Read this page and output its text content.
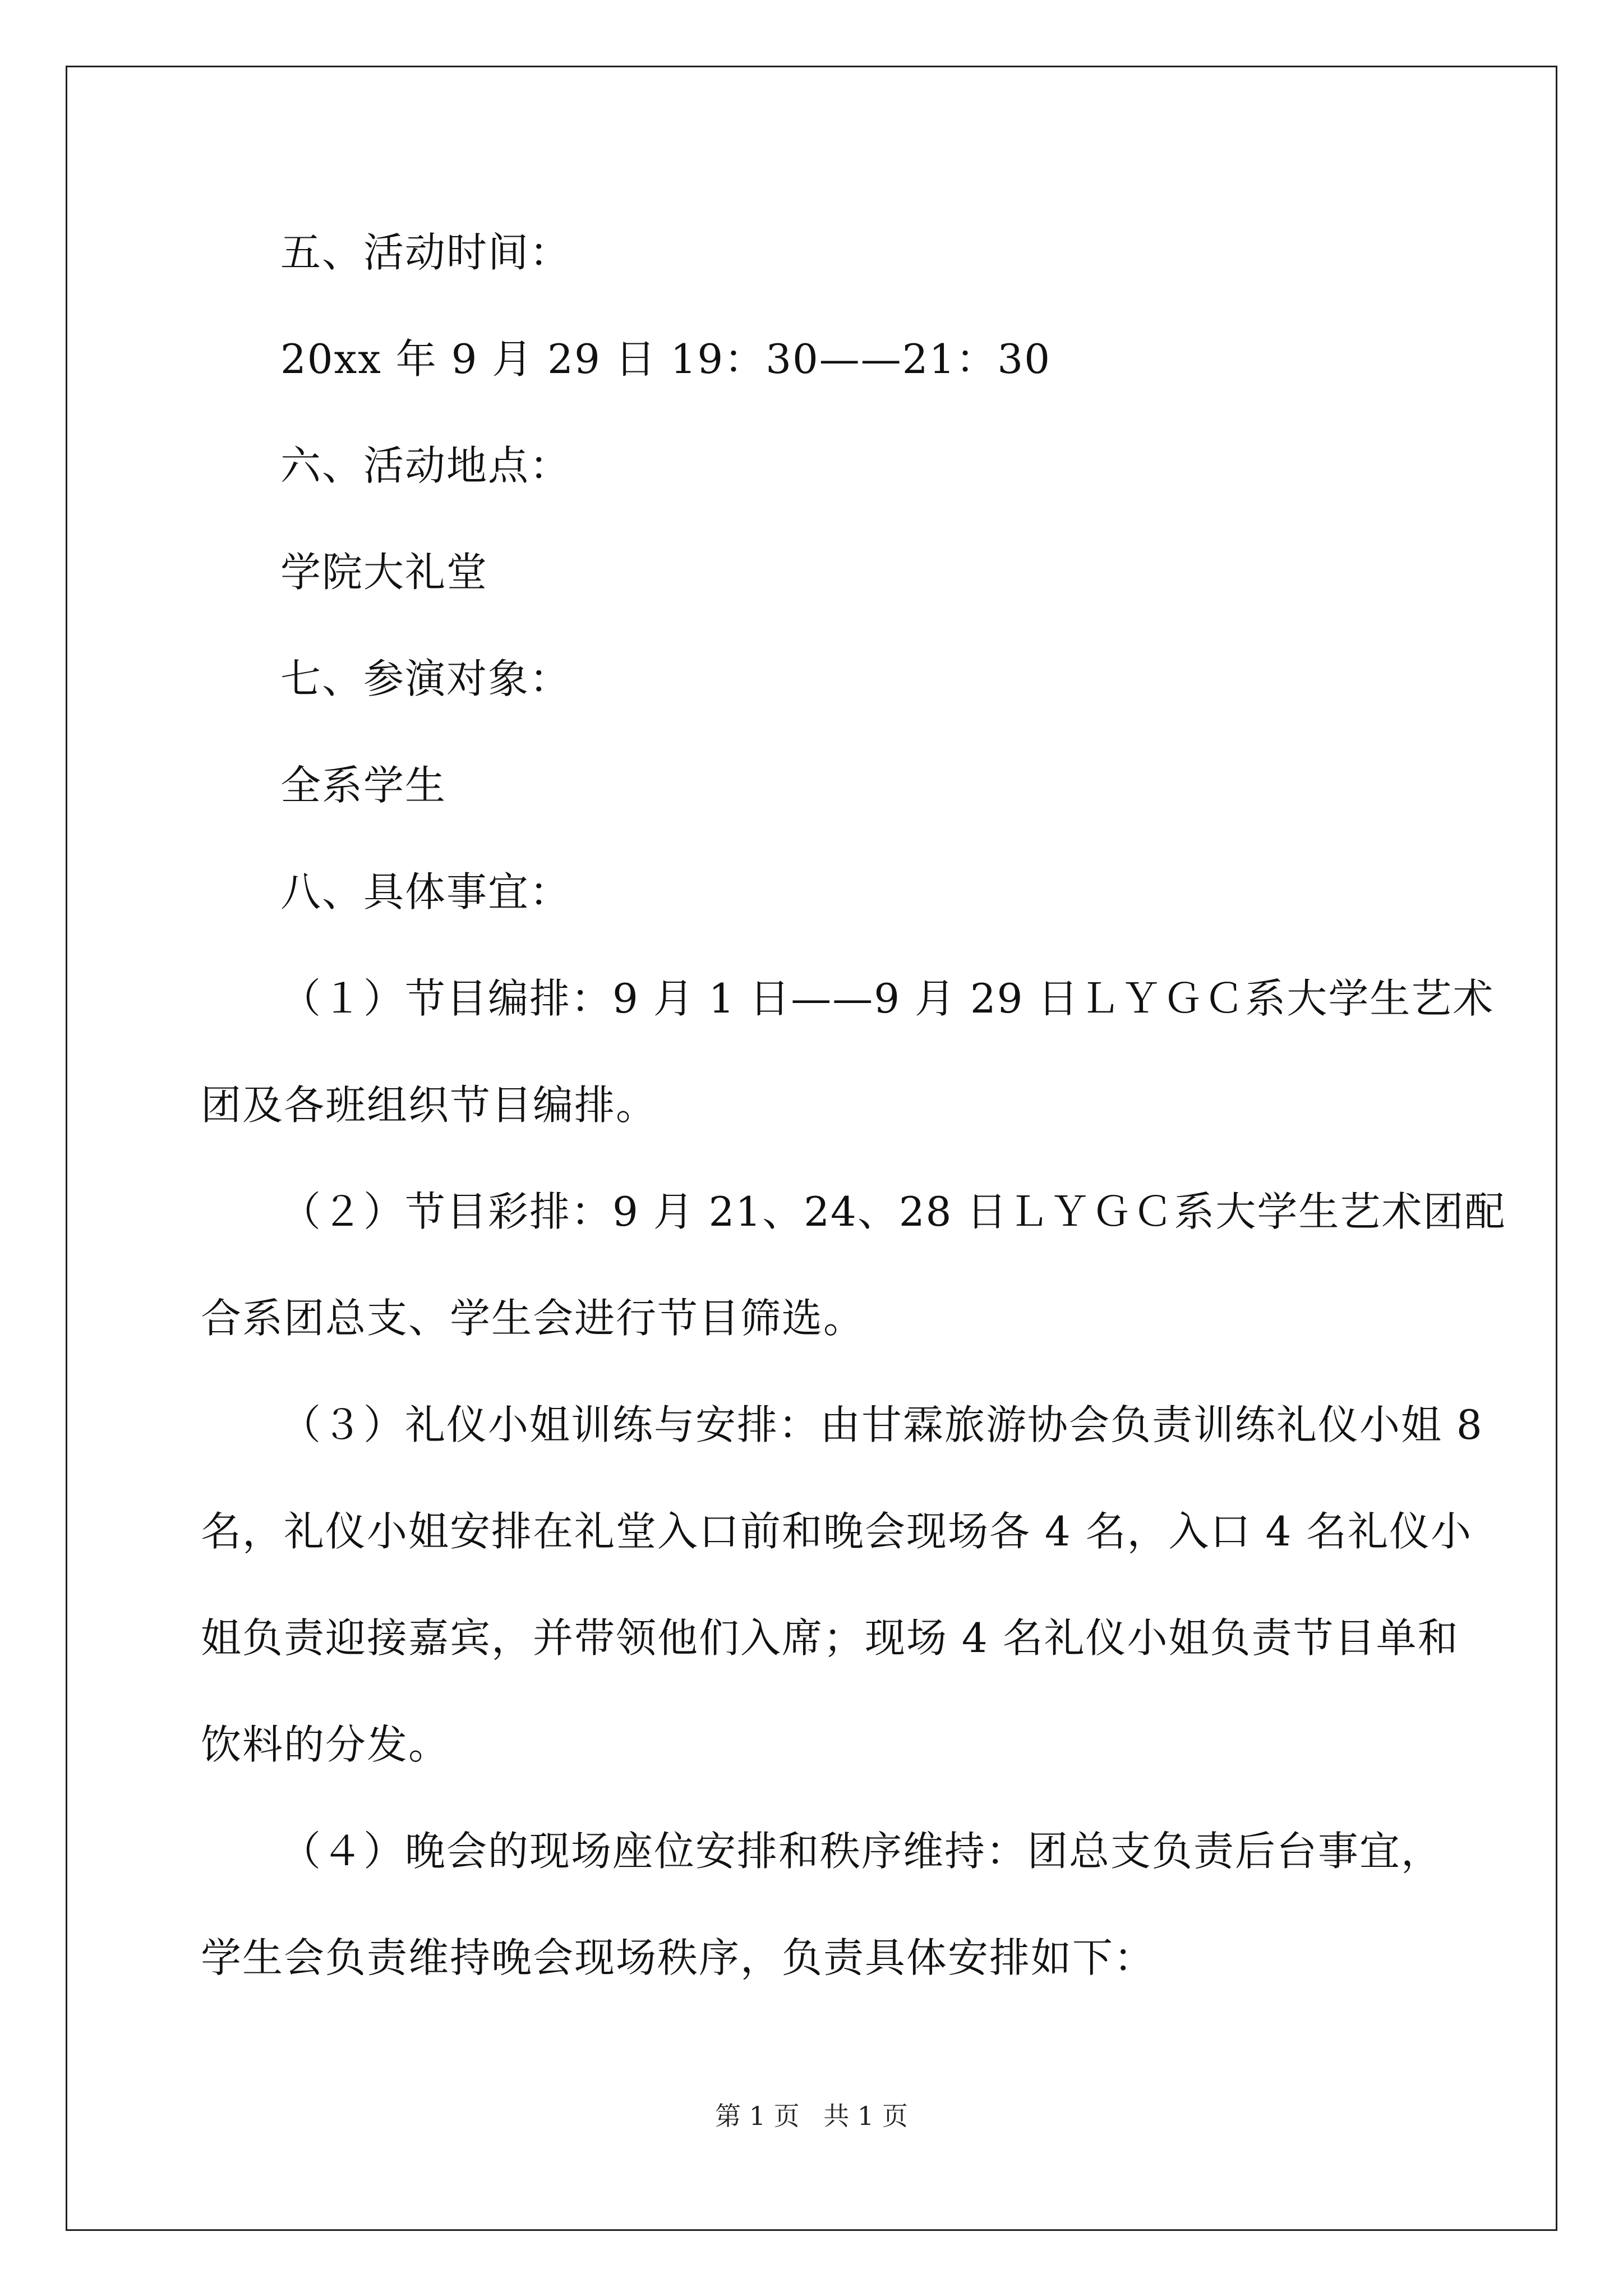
五、活动时间：
20xx 年 9 月 29 日 19：30——21：30
六、活动地点：
学院大礼堂
七、参演对象：
全系学生
八、具体事宜：
（１）节目编排：9 月 1 日——9 月 29 日ＬＹＧＣ系大学生艺术
团及各班组织节目编排。
（２）节目彩排：9 月 21、24、28 日ＬＹＧＣ系大学生艺术团配
合系团总支、学生会进行节目筛选。
（３）礼仪小姐训练与安排：由甘霖旅游协会负责训练礼仪小姐 8
名，礼仪小姐安排在礼堂入口前和晚会现场各 4 名，入口 4 名礼仪小
姐负责迎接嘉宾，并带领他们入席；现场 4 名礼仪小姐负责节目单和
饮料的分发。
（４）晚会的现场座位安排和秩序维持：团总支负责后台事宜，
学生会负责维持晚会现场秩序，负责具体安排如下：
第 1 页 共 1 页
